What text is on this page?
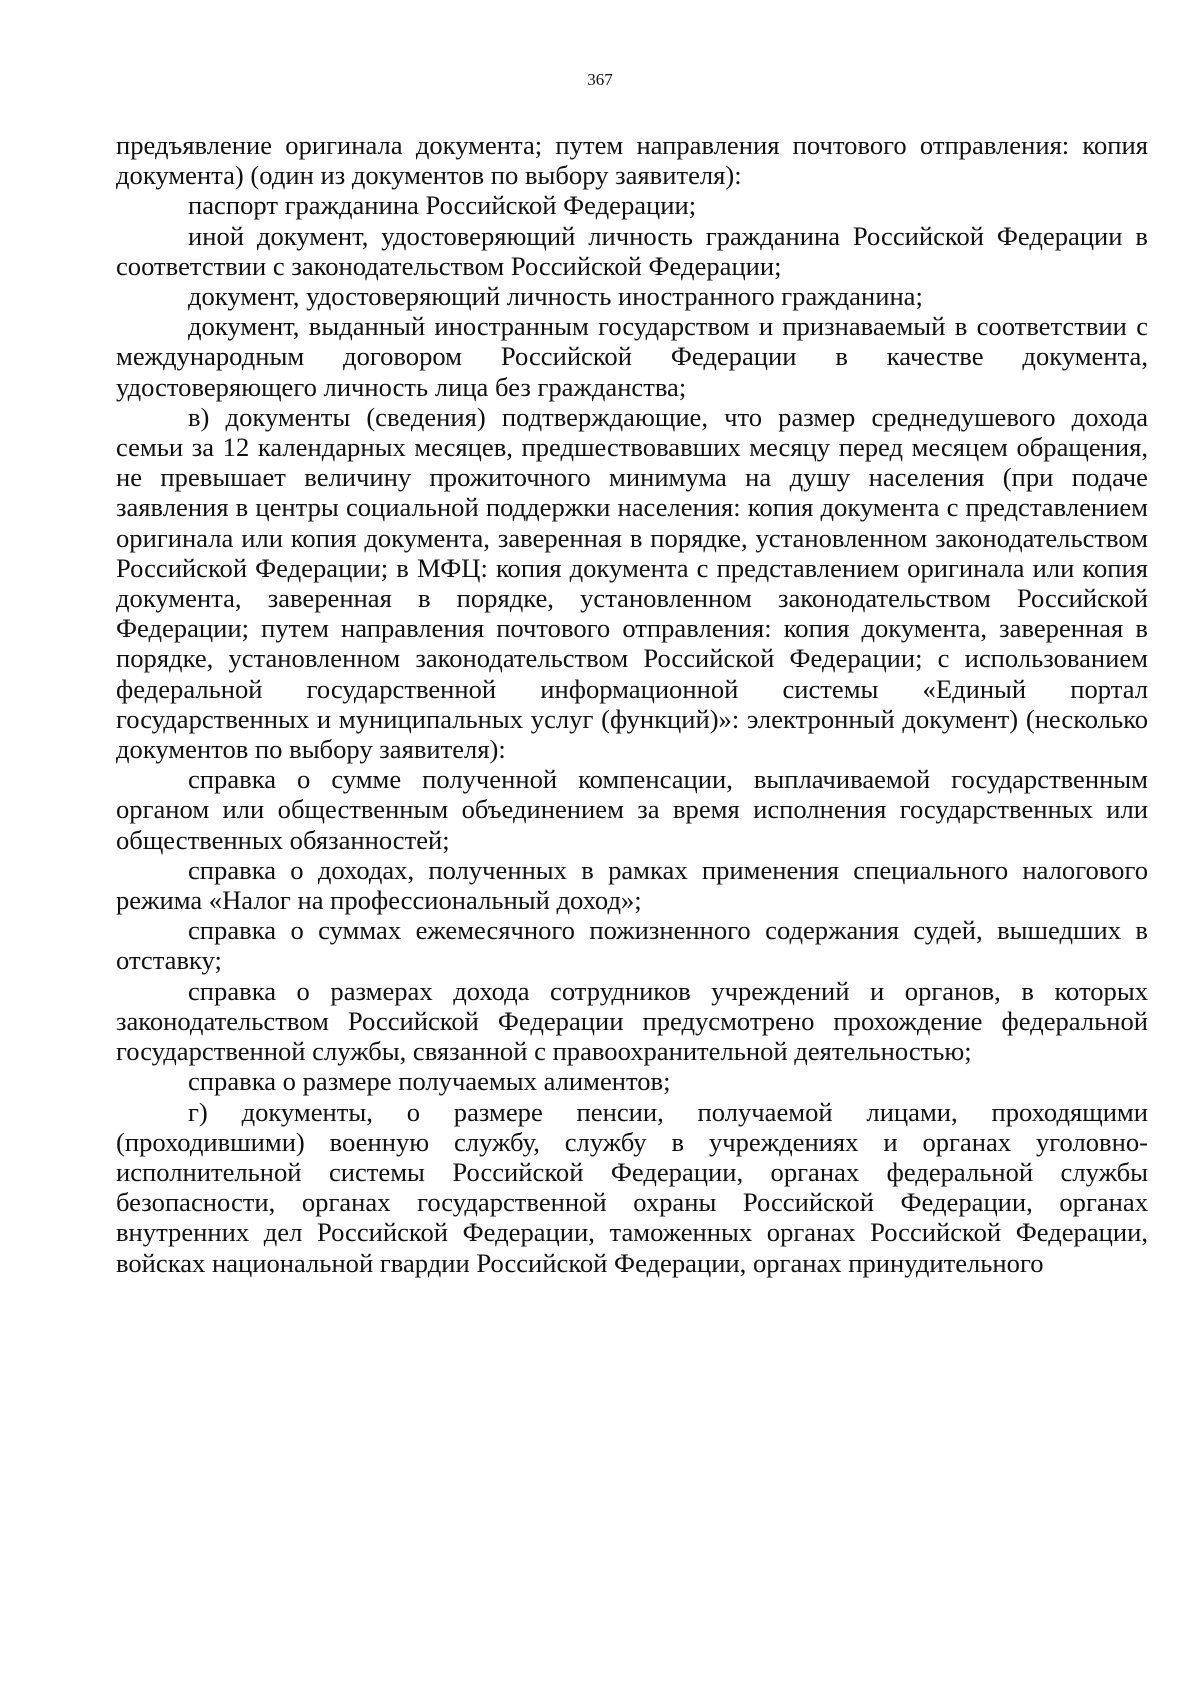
367

предъявление оригинала документа; путем направления почтового отправления: копия документа) (один из документов по выбору заявителя):

паспорт гражданина Российской Федерации;

иной документ, удостоверяющий личность гражданина Российской Федерации в соответствии с законодательством Российской Федерации;

документ, удостоверяющий личность иностранного гражданина;

документ, выданный иностранным государством и признаваемый в соответствии с международным договором Российской Федерации в качестве документа, удостоверяющего личность лица без гражданства;

в) документы (сведения) подтверждающие, что размер среднедушевого дохода семьи за 12 календарных месяцев, предшествовавших месяцу перед месяцем обращения, не превышает величину прожиточного минимума на душу населения (при подаче заявления в центры социальной поддержки населения: копия документа с представлением оригинала или копия документа, заверенная в порядке, установленном законодательством Российской Федерации; в МФЦ: копия документа с представлением оригинала или копия документа, заверенная в порядке, установленном законодательством Российской Федерации; путем направления почтового отправления: копия документа, заверенная в порядке, установленном законодательством Российской Федерации; с использованием федеральной государственной информационной системы «Единый портал государственных и муниципальных услуг (функций)»: электронный документ) (несколько документов по выбору заявителя):

справка о сумме полученной компенсации, выплачиваемой государственным органом или общественным объединением за время исполнения государственных или общественных обязанностей;

справка о доходах, полученных в рамках применения специального налогового режима «Налог на профессиональный доход»;

справка о суммах ежемесячного пожизненного содержания судей, вышедших в отставку;

справка о размерах дохода сотрудников учреждений и органов, в которых законодательством Российской Федерации предусмотрено прохождение федеральной государственной службы, связанной с правоохранительной деятельностью;

справка о размере получаемых алиментов;

г) документы, о размере пенсии, получаемой лицами, проходящими (проходившими) военную службу, службу в учреждениях и органах уголовно-исполнительной системы Российской Федерации, органах федеральной службы безопасности, органах государственной охраны Российской Федерации, органах внутренних дел Российской Федерации, таможенных органах Российской Федерации, войсках национальной гвардии Российской Федерации, органах принудительного
